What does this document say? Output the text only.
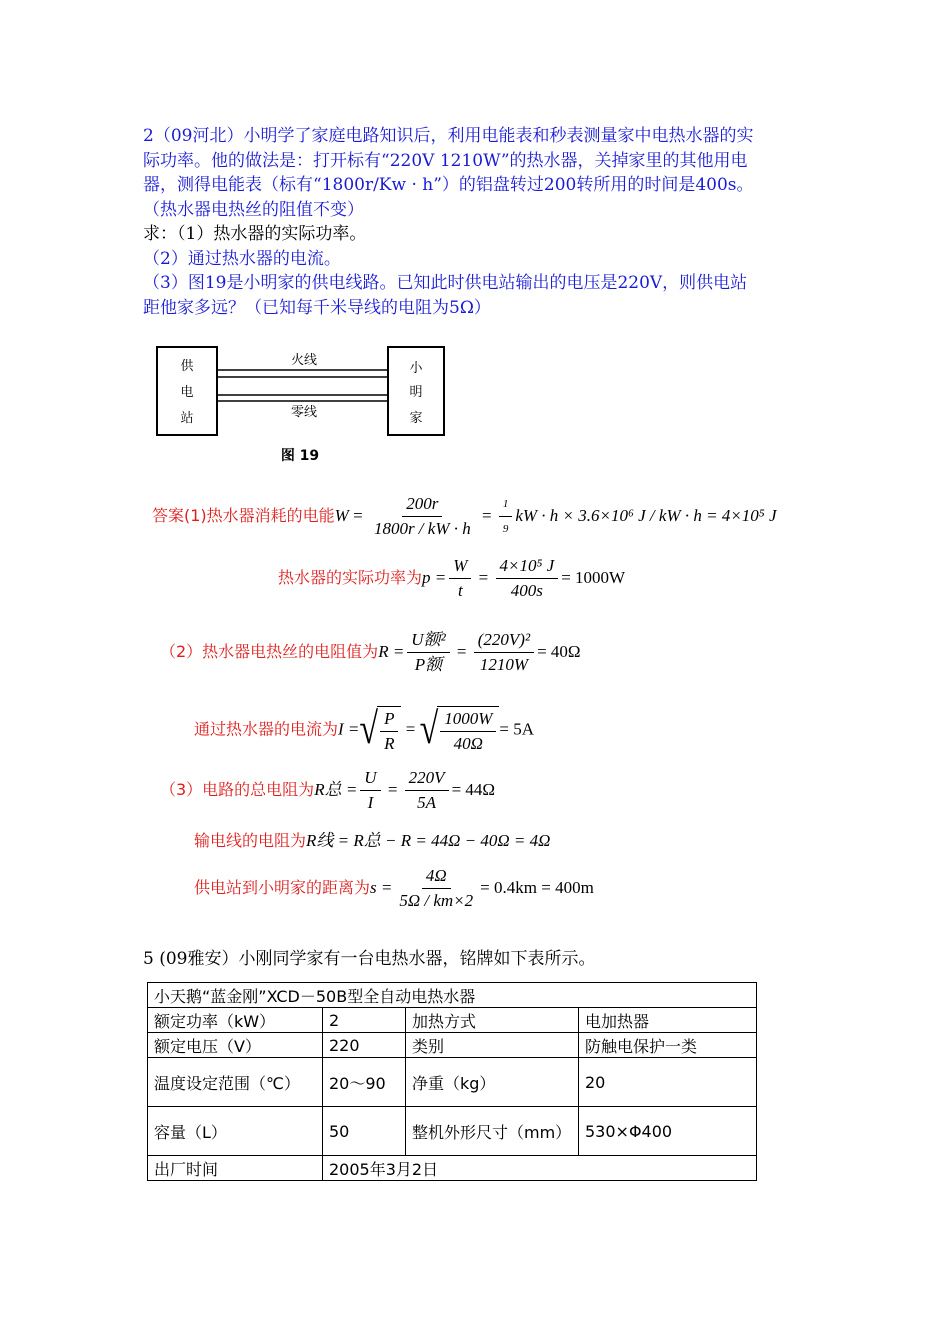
2（09河北）小明学了家庭电路知识后，利用电能表和秒表测量家中电热水器的实
际功率。他的做法是：打开标有“220V 1210W”的热水器，关掉家里的其他用电
器，测得电能表（标有“1800r/Kw · h”）的铝盘转过200转所用的时间是400s。
（热水器电热丝的阻值不变）
求：（1）热水器的实际功率。
（2）通过热水器的电流。
（3）图19是小明家的供电线路。已知此时供电站输出的电压是220V，则供电站
距他家多远？（已知每千米导线的电阻为5Ω）
供
电
站
小
明
家
火线
零线
图 19
答案(1)热水器消耗的电能$W = \frac{200r}{1800r / kW \cdot h} = \frac{1}{9}$ kW · h × 3.6×10⁶ J / kW · h = 4×10⁵ J
热水器的实际功率为$p = \frac{W}{t} = \frac{\text{4×10⁵ J}}{400s} = 1000W$
（2）热水器电热丝的电阻值为$R = \frac{\text{U额²}}{\text{P额}} = \frac{\text{(220V)²}}{1210W} = 40\Omega$
通过热水器的电流为I = √ $\frac{P}{R}$ = √ $\frac{1000W}{40\Omega} = 5A$
（3）电路的总电阻为R总 = $\frac{U}{I} = \frac{220V}{5A} = 44\Omega$
输电线的电阻为R线 = R总 − R = 44Ω − 40Ω = 4Ω
供电站到小明家的距离为$s = \frac{4\Omega}{5\Omega / km\times 2} = 0.4km = 400m$
5 (09雅安）小刚同学家有一台电热水器，铭牌如下表所示。
小天鹅“蓝金刚”XCD－50B型全自动电热水器			
额定功率（kW）	2	加热方式	电加热器
额定电压（V）	220	类别	防触电保护一类
温度设定范围（℃）	20～90	净重（kg）	20
容量（L）	50	整机外形尺寸（mm）	530×Φ400
出厂时间	2005年3月2日		
